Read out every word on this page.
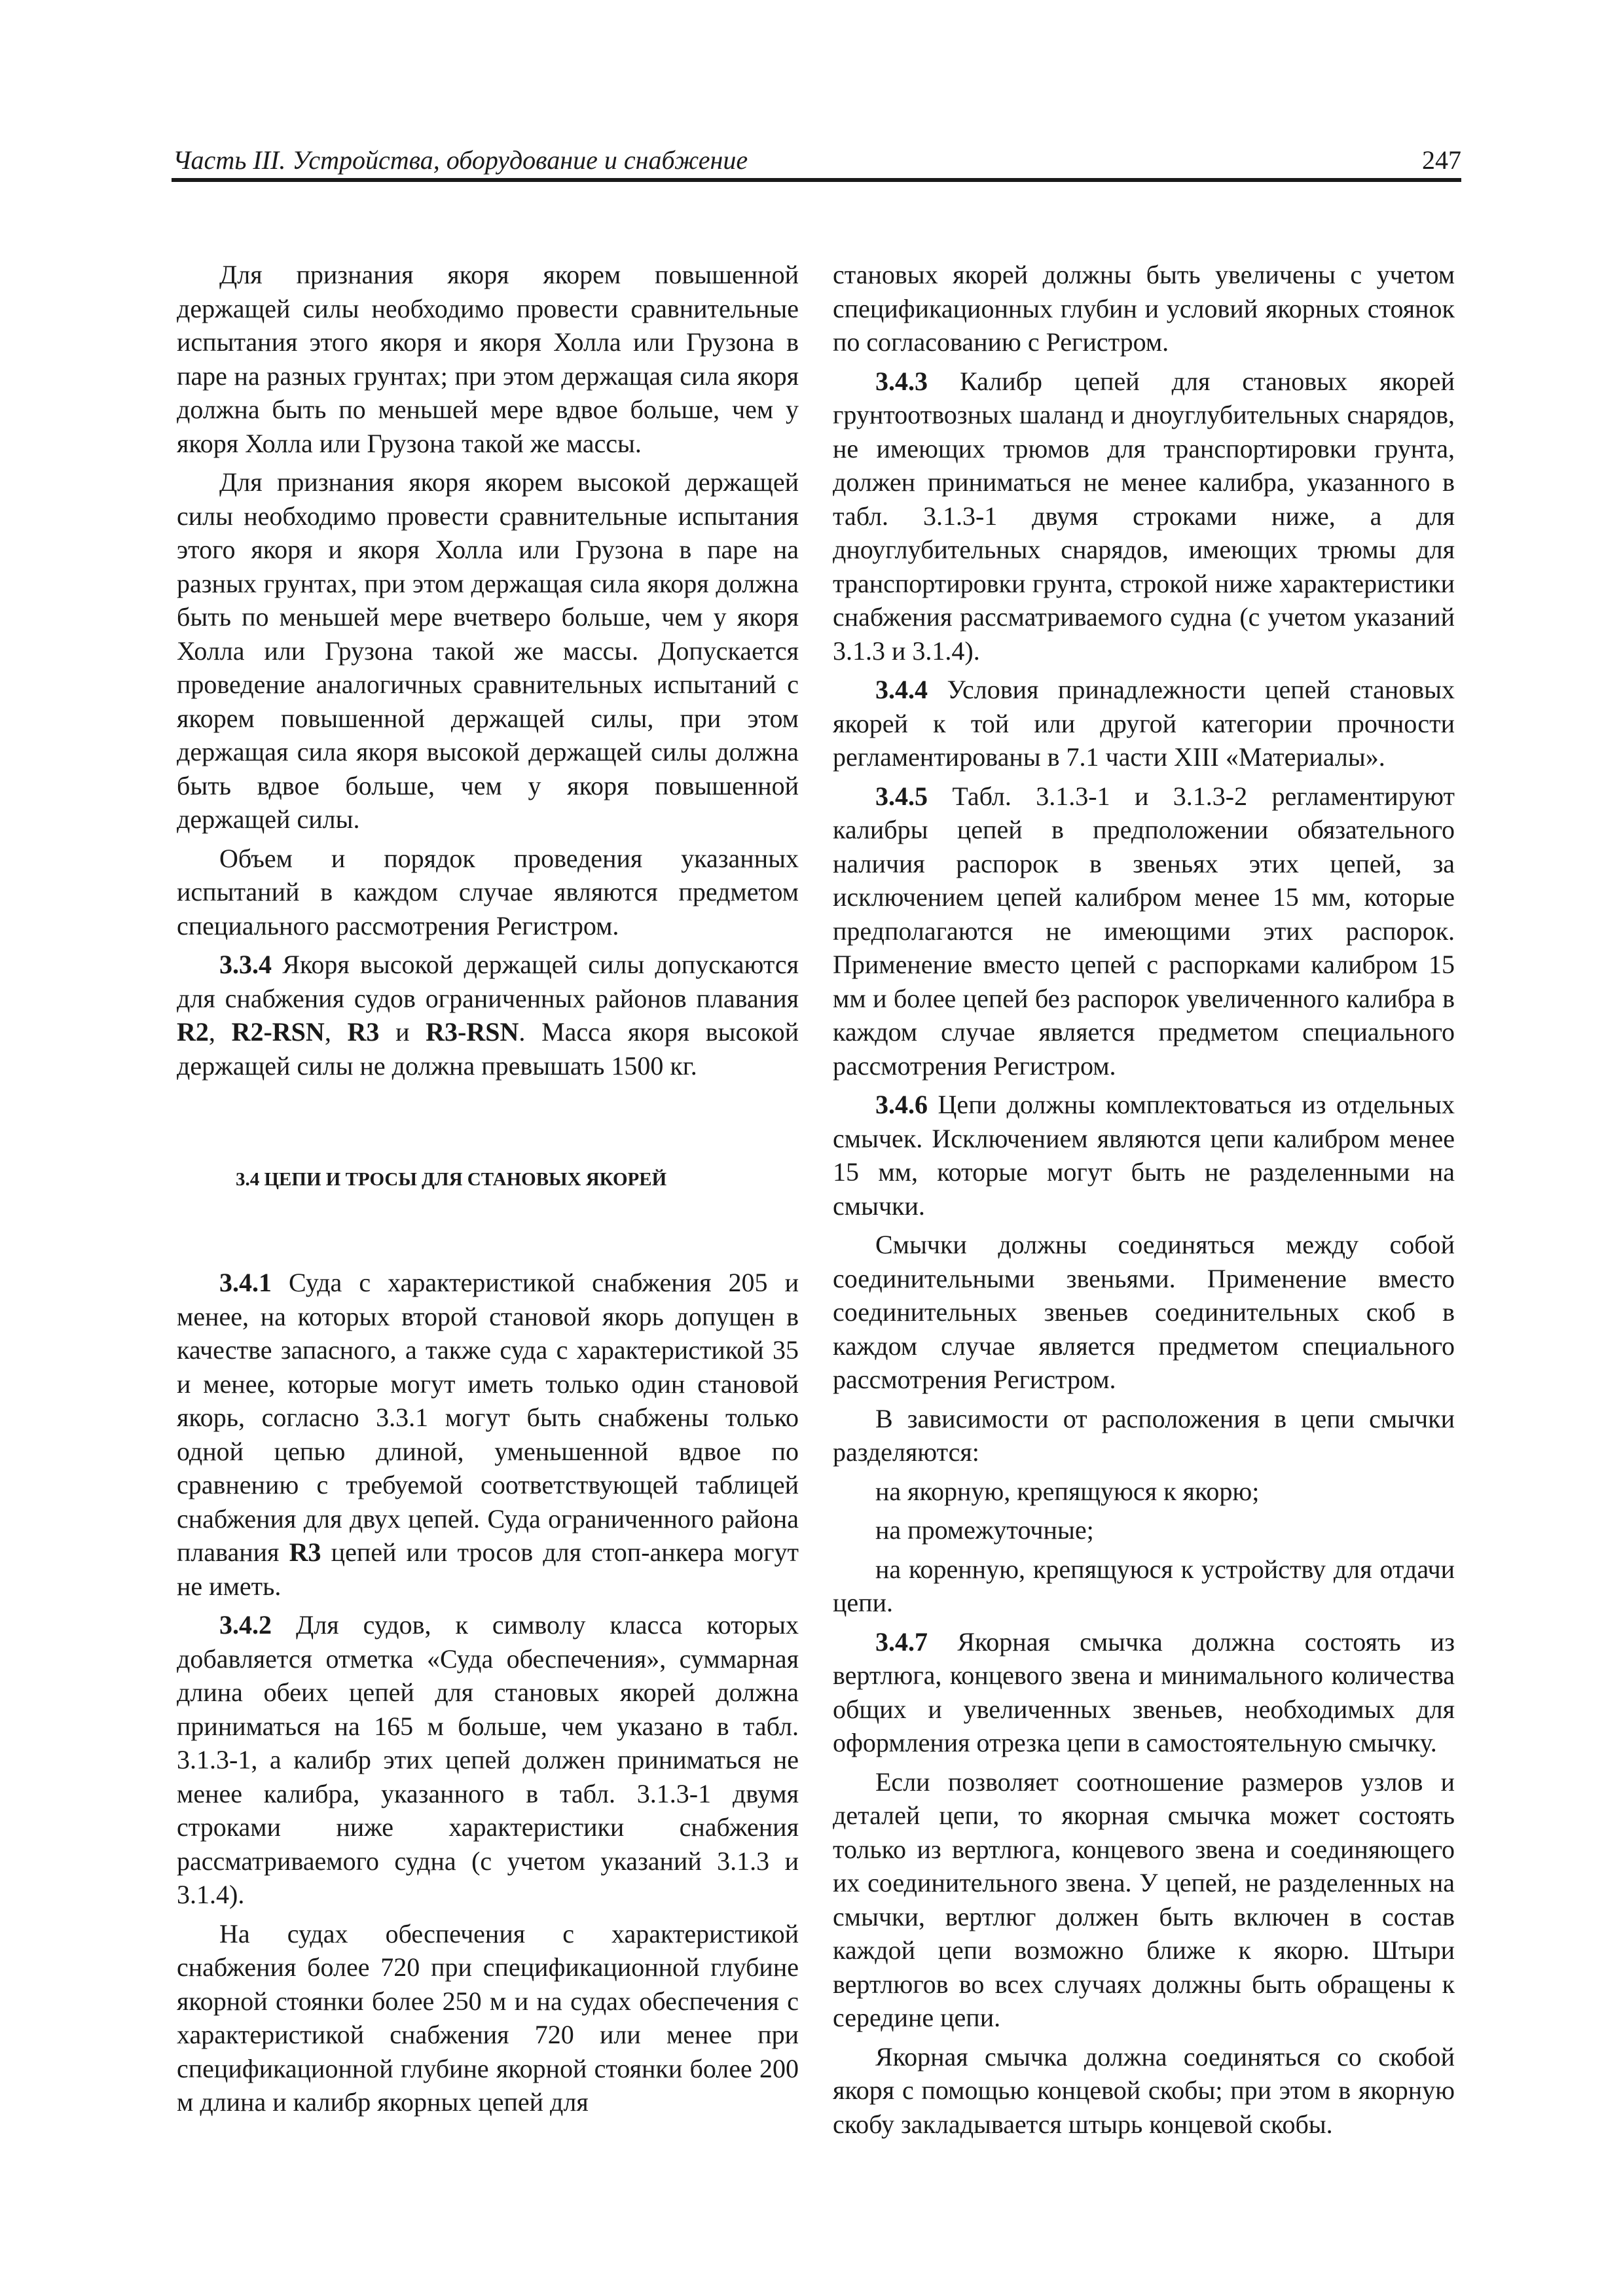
Часть III. Устройства, оборудование и снабжение	247

Для признания якоря якорем повышенной держащей силы необходимо провести сравнительные испытания этого якоря и якоря Холла или Грузона в паре на разных грунтах; при этом держащая сила якоря должна быть по меньшей мере вдвое больше, чем у якоря Холла или Грузона такой же массы.

Для признания якоря якорем высокой держащей силы необходимо провести сравнительные испытания этого якоря и якоря Холла или Грузона в паре на разных грунтах, при этом держащая сила якоря должна быть по меньшей мере вчетверо больше, чем у якоря Холла или Грузона такой же массы. Допускается проведение аналогичных сравнительных испытаний с якорем повышенной держащей силы, при этом держащая сила якоря высокой держащей силы должна быть вдвое больше, чем у якоря повышенной держащей силы.

Объем и порядок проведения указанных испытаний в каждом случае являются предметом специального рассмотрения Регистром.

3.3.4 Якоря высокой держащей силы допускаются для снабжения судов ограниченных районов плавания R2, R2-RSN, R3 и R3-RSN. Масса якоря высокой держащей силы не должна превышать 1500 кг.

3.4 ЦЕПИ И ТРОСЫ ДЛЯ СТАНОВЫХ ЯКОРЕЙ

3.4.1 Суда с характеристикой снабжения 205 и менее, на которых второй становой якорь допущен в качестве запасного, а также суда с характеристикой 35 и менее, которые могут иметь только один становой якорь, согласно 3.3.1 могут быть снабжены только одной цепью длиной, уменьшенной вдвое по сравнению с требуемой соответствующей таблицей снабжения для двух цепей. Суда ограниченного района плавания R3 цепей или тросов для стоп-анкера могут не иметь.

3.4.2 Для судов, к символу класса которых добавляется отметка «Суда обеспечения», суммарная длина обеих цепей для становых якорей должна приниматься на 165 м больше, чем указано в табл. 3.1.3-1, а калибр этих цепей должен приниматься не менее калибра, указанного в табл. 3.1.3-1 двумя строками ниже характеристики снабжения рассматриваемого судна (с учетом указаний 3.1.3 и 3.1.4).

На судах обеспечения с характеристикой снабжения более 720 при спецификационной глубине якорной стоянки более 250 м и на судах обеспечения с характеристикой снабжения 720 или менее при спецификационной глубине якорной стоянки более 200 м длина и калибр якорных цепей для

становых якорей должны быть увеличены с учетом спецификационных глубин и условий якорных стоянок по согласованию с Регистром.

3.4.3 Калибр цепей для становых якорей грунтоотвозных шаланд и дноуглубительных снарядов, не имеющих трюмов для транспортировки грунта, должен приниматься не менее калибра, указанного в табл. 3.1.3-1 двумя строками ниже, а для дноуглубительных снарядов, имеющих трюмы для транспортировки грунта, строкой ниже характеристики снабжения рассматриваемого судна (с учетом указаний 3.1.3 и 3.1.4).

3.4.4 Условия принадлежности цепей становых якорей к той или другой категории прочности регламентированы в 7.1 части XIII «Материалы».

3.4.5 Табл. 3.1.3-1 и 3.1.3-2 регламентируют калибры цепей в предположении обязательного наличия распорок в звеньях этих цепей, за исключением цепей калибром менее 15 мм, которые предполагаются не имеющими этих распорок. Применение вместо цепей с распорками калибром 15 мм и более цепей без распорок увеличенного калибра в каждом случае является предметом специального рассмотрения Регистром.

3.4.6 Цепи должны комплектоваться из отдельных смычек. Исключением являются цепи калибром менее 15 мм, которые могут быть не разделенными на смычки.

Смычки должны соединяться между собой соединительными звеньями. Применение вместо соединительных звеньев соединительных скоб в каждом случае является предметом специального рассмотрения Регистром.

В зависимости от расположения в цепи смычки разделяются:

на якорную, крепящуюся к якорю;

на промежуточные;

на коренную, крепящуюся к устройству для отдачи цепи.

3.4.7 Якорная смычка должна состоять из вертлюга, концевого звена и минимального количества общих и увеличенных звеньев, необходимых для оформления отрезка цепи в самостоятельную смычку.

Если позволяет соотношение размеров узлов и деталей цепи, то якорная смычка может состоять только из вертлюга, концевого звена и соединяющего их соединительного звена. У цепей, не разделенных на смычки, вертлюг должен быть включен в состав каждой цепи возможно ближе к якорю. Штыри вертлюгов во всех случаях должны быть обращены к середине цепи.

Якорная смычка должна соединяться со скобой якоря с помощью концевой скобы; при этом в якорную скобу закладывается штырь концевой скобы.
